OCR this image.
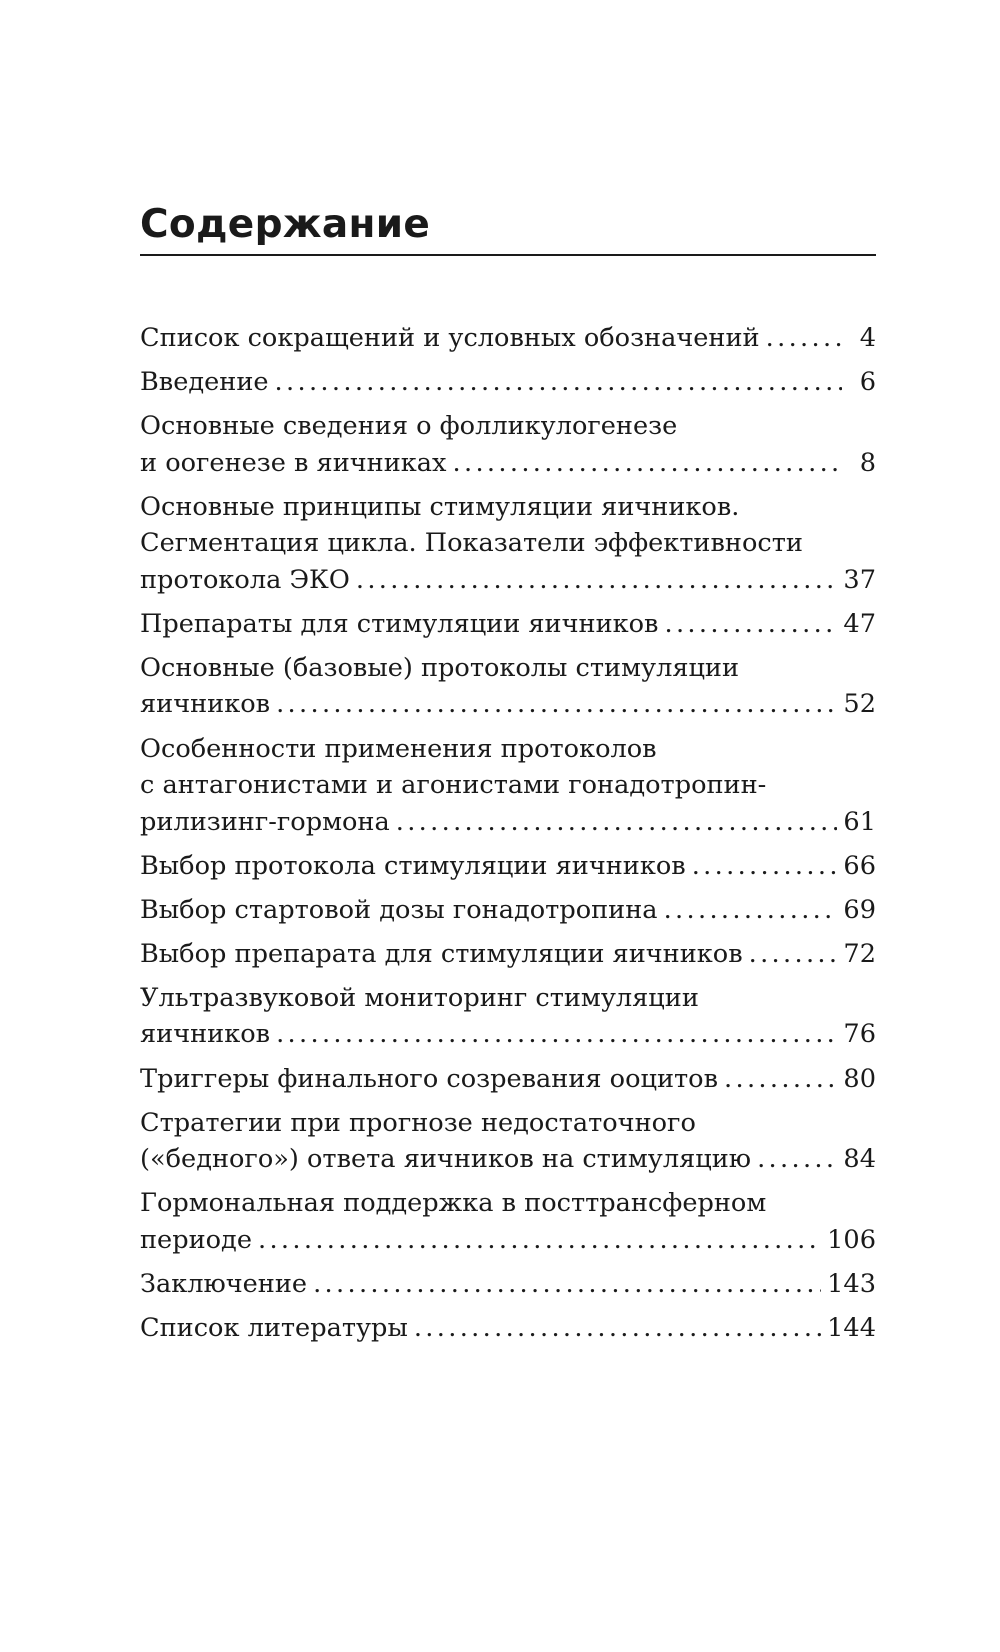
Содержание
Список сокращений и условных обозначений . . .	4
Введение . . .	6
Основные сведения о фолликулогенезе
и оогенезе в яичниках . . .	8
Основные принципы стимуляции яичников.
Сегментация цикла. Показатели эффективности
протокола ЭКО . . .	37
Препараты для стимуляции яичников . . .	47
Основные (базовые) протоколы стимуляции
яичников . . .	52
Особенности применения протоколов
с антагонистами и агонистами гонадотропин-
рилизинг-гормона . . .	61
Выбор протокола стимуляции яичников . . .	66
Выбор стартовой дозы гонадотропина . . .	69
Выбор препарата для стимуляции яичников . . .	72
Ультразвуковой мониторинг стимуляции
яичников . . .	76
Триггеры финального созревания ооцитов . . .	80
Стратегии при прогнозе недостаточного
(«бедного») ответа яичников на стимуляцию . . .	84
Гормональная поддержка в посттрансферном
периоде . . .	106
Заключение . . .	143
Список литературы . . .	144
